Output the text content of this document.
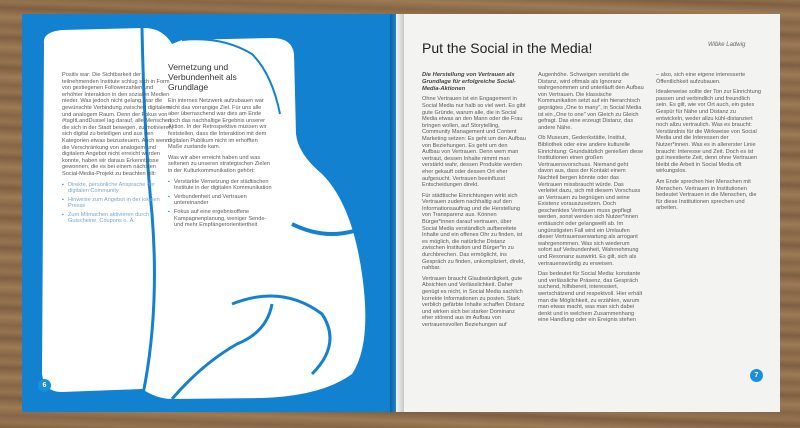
Positiv war: Die Sichtbarkeit der teilnehmenden Institute schlug sich in Form von gestiegenen Followerzahlen und erhöhter Interaktion in den sozialen Medien nieder. Was jedoch nicht gelang, war die gewünschte Verbindung zwischen digitalem und analogem Raum. Denn der Fokus von #tagItLandDussel lag darauf, alle Menschen, die sich in der Stadt bewegen, zu motivieren, sich digital zu beteiligen und aus den Kategorien etwas beizusteuern. Auch wenn die Verschränkung von analogem und digitalem Angebot nicht erreicht werden konnte, haben wir daraus Erkenntnisse gewonnen, die es bei einem nächsten Social-Media-Projekt zu beachten gilt:

▪ Direkte, persönliche Ansprache der digitalen Community
▪ Hinweise zum Angebot in der lokalen Presse
▪ Zum Mitmachen aktivieren durch Gutscheine, Coupons o. Ä.
Vernetzung und Verbundenheit als Grundlage

Ein internes Netzwerk aufzubauen war nicht das vorrangige Ziel. Für uns alle aber überraschend war dies am Ende doch das nachhaltige Ergebnis unserer Aktion. In der Retrospektive müssen wir feststellen, dass die Interaktion mit dem digitalen Publikum nicht im erhofften Maße zustande kam.

Was wir aber erreicht haben und was seltenen zu unseren strategischen Zielen in der Kulturkommunikation gehört:

▪ Verstärkte Vernetzung der städtischen Institute in der digitalen Kommunikation
▪ Verbundenheit und Vertrauen untereinander
▪ Fokus auf eine ergebnisoffene Kampagnenplanung, weniger Sende- und mehr Empfängerorientiertheit
6
Wibke Ladwig
Put the Social in the Media!

Die Herstellung von Vertrauen als Grundlage für erfolgreiche Social-Media-Aktionen

Ohne Vertrauen ist ein Engagement in Social Media nur halb so viel wert. Es gibt gute Gründe, warum alle, die in Social Media etwas an den Mann oder die Frau bringen wollen, auf Storytelling, Community Management und Content Marketing setzen: Es geht um den Aufbau von Beziehungen. Es geht um den Aufbau von Vertrauen. Denn wem man vertraut, dessen Inhalte nimmt man verstärkt wahr, dessen Produkte werden eher gekauft oder dessen Ort eher aufgesucht. Vertrauen beeinflusst Entscheidungen direkt.

Für städtische Einrichtungen wirkt sich Vertrauen zudem nachhaltig auf den Informationsauftrag und die Herstellung von Transparenz aus. Können Bürger*innen darauf vertrauen, über Social Media verständlich aufbereitete Inhalte und ein offenes Ohr zu finden, ist es möglich, die natürliche Distanz zwischen Institution und Bürger*in zu durchbrechen. Das ermöglicht, ins Gespräch zu finden, unkompliziert, direkt, nahbar.

Vertrauen braucht Glaubwürdigkeit, gute Absichten und Verlässlichkeit. Daher genügt es nicht, in Social Media sachlich korrekte Informationen zu posten. Stark verblich gefärbte Inhalte schaffen Distanz und wirken sich bei starker Dominanz eher störend aus im Aufbau von vertrauensvollen Beziehungen auf

Augenhöhe. Schweigen verstärkt die Distanz, wird oftmals als Ignoranz wahrgenommen und unterläuft den Aufbau von Vertrauen. Die klassische Kommunikation setzt auf ein hierarchisch geprägtes „One to many", in Social Media ist ein „One to one" von Gleich zu Gleich gefragt. Das eine erzeugt Distanz, das andere Nähe.

Ob Museum, Gedenkstätte, Institut, Bibliothek oder eine andere kulturelle Einrichtung: Grundsätzlich genießen diese Institutionen einen großen Vertrauensvorschuss. Niemand geht davon aus, dass der Kontakt einem Nachteil bergen könnte oder das Vertrauen missbraucht würde. Das verleitet dazu, sich mit diesem Vorschuss an Vertrauen zu begnügen und seine Existenz vorauszusetzen. Doch geschenktes Vertrauen muss gepflegt werden, sonst werden sich Nutzer*innen enttäuscht oder gelangweilt ab. Im ungünstigsten Fall wird ein Umlaufen dieser Vertrauenserwartung als arrogant wahrgenommen. Was sich wiederum sofort auf Verbundenheit, Wahrnehmung und Resonanz auswirkt. Es gilt, sich als vertrauenswürdig zu erweisen.

Das bedeutet für Social Media: konstante und verlässliche Präsenz, das Gespräch suchend, hilfsbereit, interessiert, wertschätzend und respektvoll. Hier erhält man die Möglichkeit, zu erzählen, warum man etwas macht, was man sich dabei denkt und in welchem Zusammenhang eine Handlung oder ein Ereignis stehen

– also, sich eine eigene interesserte Öffentlichkeit aufzubauen.

Idealerweise sollte der Ton zur Einrichtung passen und verbindlich und freundlich sein. Es gilt, wie vor Ort auch, ein gutes Gespür für Nähe und Distanz zu entwickeln, weder allzu kühl-distanziert noch allzu vertraulich. Was es braucht: Verständnis für die Wirkweise von Social Media und die Interessen der Nutzer*innen. Was es in allererster Linie braucht: Interesse und Zeit. Doch es ist gut investierte Zeit, denn ohne Vertrauen bleibt die Arbeit in Social Media oft wirkungslos.

Am Ende sprechen hier Menschen mit Menschen. Vertrauen in Institutionen bedeutet Vertrauen in die Menschen, die für diese Institutionen sprechen und arbeiten.

7
